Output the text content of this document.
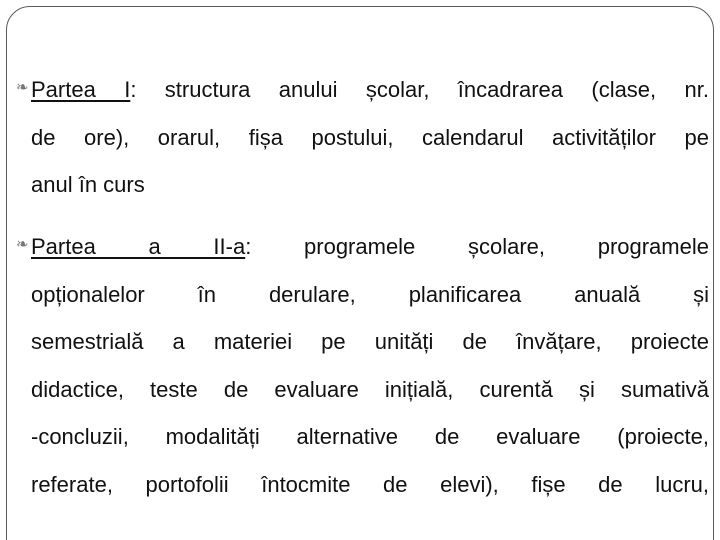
❧ Partea I: structura anului școlar, încadrarea (clase, nr.
de ore), orarul, fișa postului, calendarul activităților pe
anul în curs
❧ Partea a II-a: programele școlare, programele
opționalelor în derulare, planificarea anuală și
semestrială a materiei pe unități de învățare, proiecte
didactice, teste de evaluare inițială, curentă și sumativă
-concluzii, modalități alternative de evaluare (proiecte,
referate, portofolii întocmite de elevi), fișe de lucru,
